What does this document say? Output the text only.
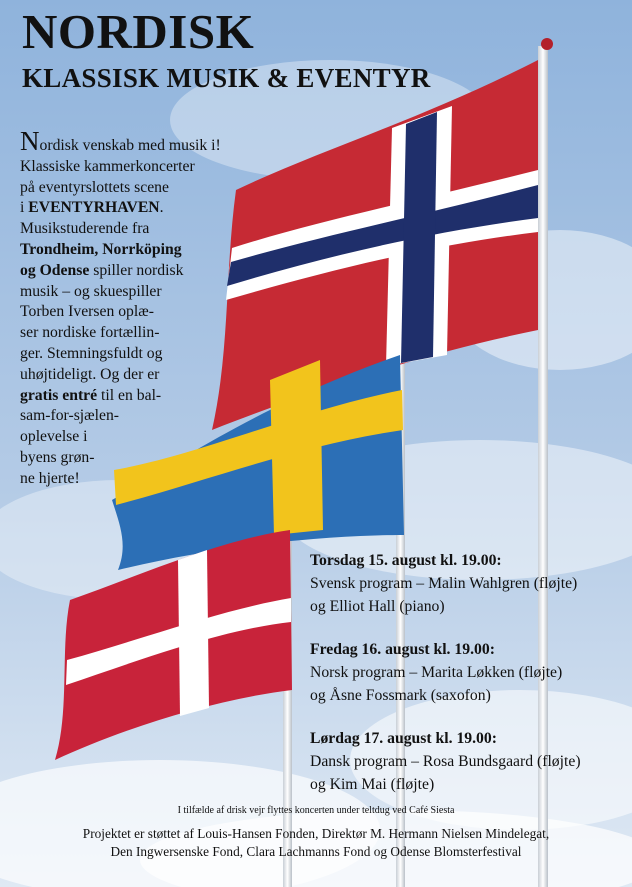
NORDISK
KLASSISK MUSIK & EVENTYR
Nordisk venskab med musik i!
Klassiske kammerkoncerter
på eventyrslottets scene
i EVENTYRHAVEN.
Musikstuderende fra
Trondheim, Norrköping
og Odense spiller nordisk
musik – og skuespiller
Torben Iversen oplæ-
ser nordiske fortællin-
ger. Stemningsfuldt og
uhøjtideligt. Og der er
gratis entré til en bal-
sam-for-sjælen-
oplevelse i
byens grøn-
ne hjerte!
Torsdag 15. august kl. 19.00:
Svensk program – Malin Wahlgren (fløjte)
og Elliot Hall (piano)
Fredag 16. august kl. 19.00:
Norsk program – Marita Løkken (fløjte)
og Åsne Fossmark (saxofon)
Lørdag 17. august kl. 19.00:
Dansk program – Rosa Bundsgaard (fløjte)
og Kim Mai (fløjte)
I tilfælde af drisk vejr flyttes koncerten under teltdug ved Café Siesta
Projektet er støttet af Louis-Hansen Fonden, Direktør M. Hermann Nielsen Mindelegat,
Den Ingwersenske Fond, Clara Lachmanns Fond og Odense Blomsterfestival
